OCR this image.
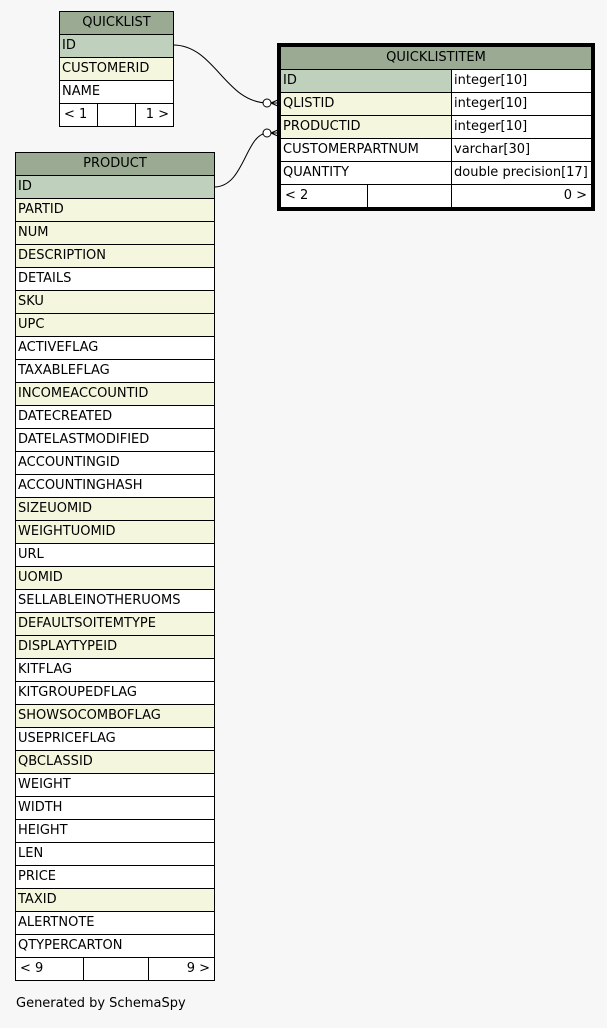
QUICKLIST
ID
CUSTOMERID
NAME
< 1		1 >
QUICKLISTITEM		
ID		integer[10]
QLISTID		integer[10]
PRODUCTID		integer[10]
CUSTOMERPARTNUM		varchar[30]
QUANTITY		double precision[17]
< 2		0 >
PRODUCT
ID
PARTID
NUM
DESCRIPTION
DETAILS
SKU
UPC
ACTIVEFLAG
TAXABLEFLAG
INCOMEACCOUNTID
DATECREATED
DATELASTMODIFIED
ACCOUNTINGID
ACCOUNTINGHASH
SIZEUOMID
WEIGHTUOMID
URL
UOMID
SELLABLEINOTHERUOMS
DEFAULTSOITEMTYPE
DISPLAYTYPEID
KITFLAG
KITGROUPEDFLAG
SHOWSOCOMBOFLAG
USEPRICEFLAG
QBCLASSID
WEIGHT
WIDTH
HEIGHT
LEN
PRICE
TAXID
ALERTNOTE
QTYPERCARTON
< 9		9 >
Generated by SchemaSpy
